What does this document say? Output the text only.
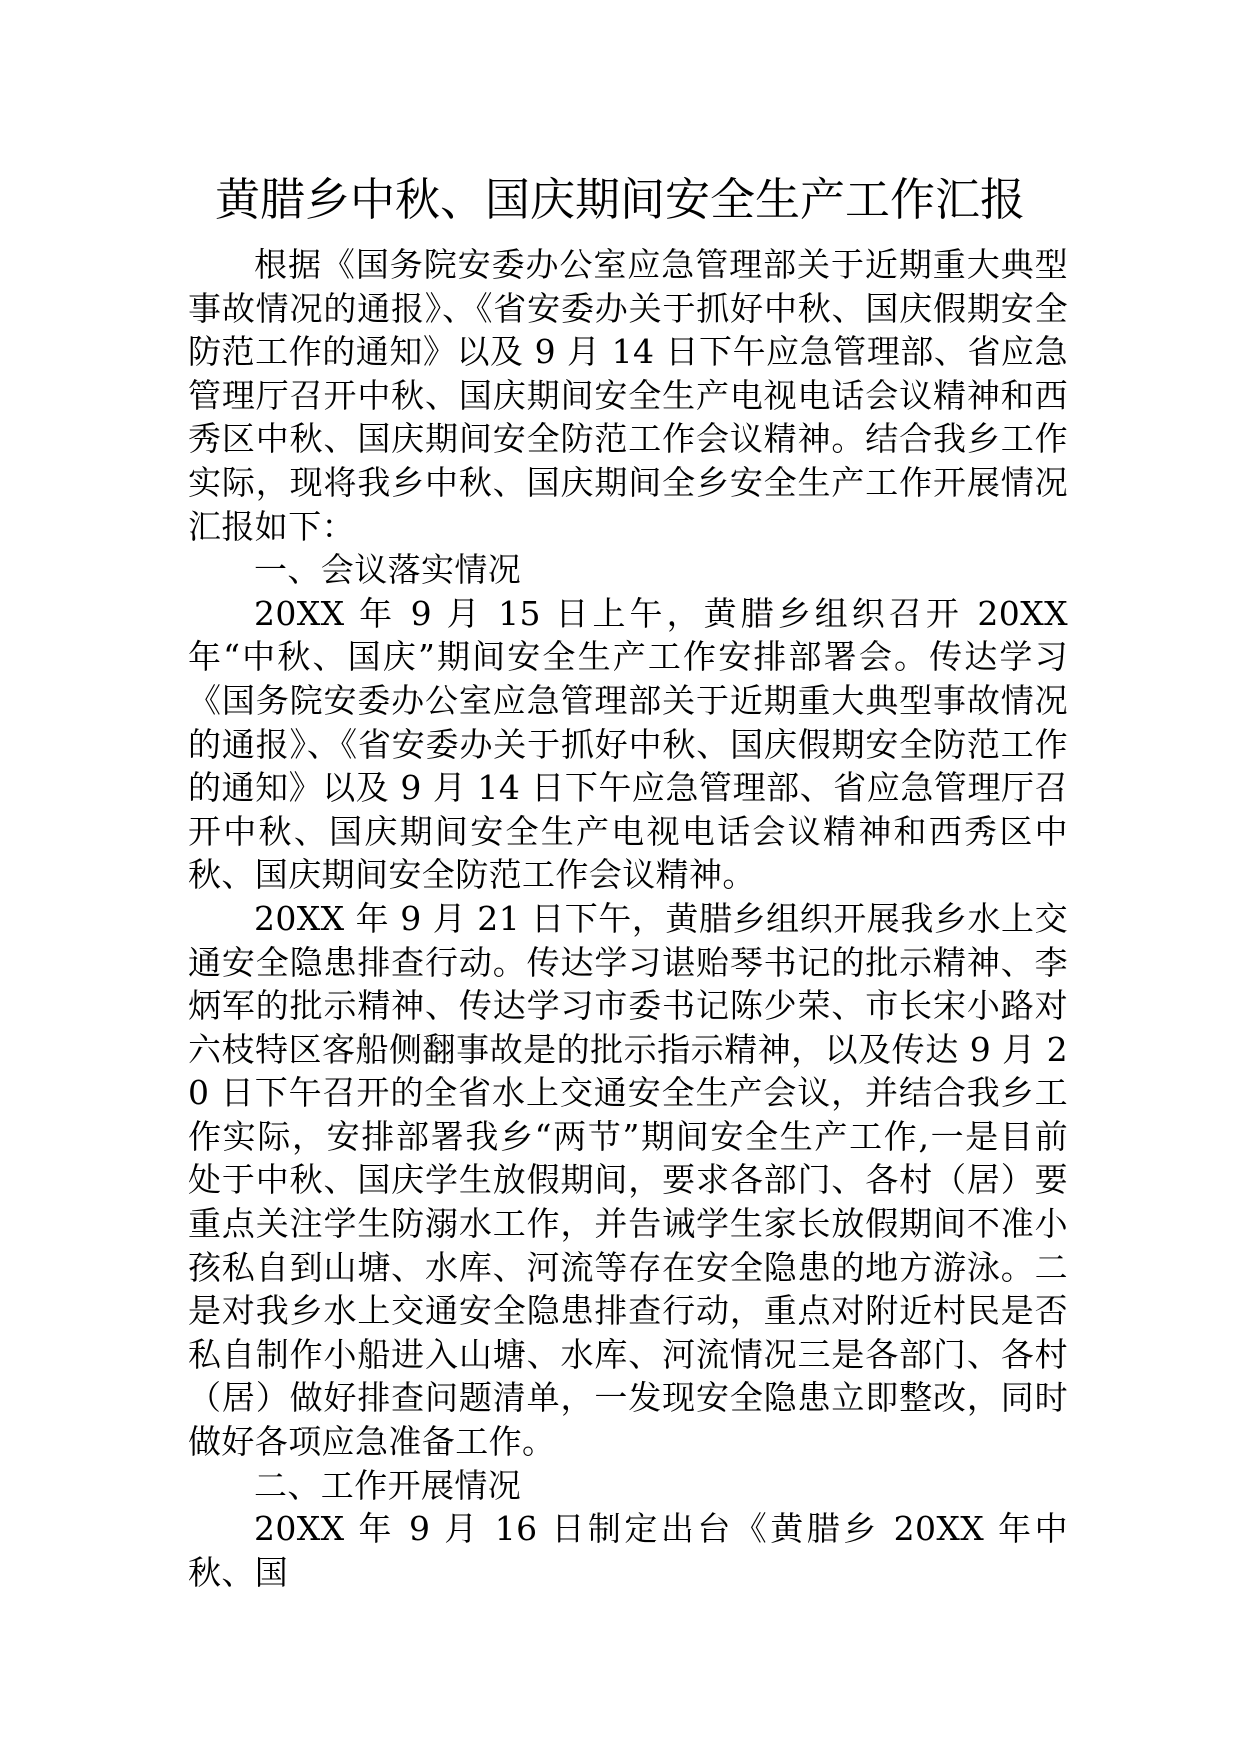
黄腊乡中秋、国庆期间安全生产工作汇报

根据《国务院安委办公室应急管理部关于近期重大典型事故情况的通报》、《省安委办关于抓好中秋、国庆假期安全防范工作的通知》以及 9 月 14 日下午应急管理部、省应急管理厅召开中秋、国庆期间安全生产电视电话会议精神和西秀区中秋、国庆期间安全防范工作会议精神。结合我乡工作实际，现将我乡中秋、国庆期间全乡安全生产工作开展情况汇报如下：

一、会议落实情况

20XX 年 9 月 15 日上午，黄腊乡组织召开 20XX 年“中秋、国庆”期间安全生产工作安排部署会。传达学习《国务院安委办公室应急管理部关于近期重大典型事故情况的通报》、《省安委办关于抓好中秋、国庆假期安全防范工作的通知》以及 9 月 14 日下午应急管理部、省应急管理厅召开中秋、国庆期间安全生产电视电话会议精神和西秀区中秋、国庆期间安全防范工作会议精神。

20XX 年 9 月 21 日下午，黄腊乡组织开展我乡水上交通安全隐患排查行动。传达学习谌贻琴书记的批示精神、李炳军的批示精神、传达学习市委书记陈少荣、市长宋小路对六枝特区客船侧翻事故是的批示指示精神，以及传达 9 月 20 日下午召开的全省水上交通安全生产会议，并结合我乡工作实际，安排部署我乡“两节”期间安全生产工作,一是目前处于中秋、国庆学生放假期间，要求各部门、各村（居）要重点关注学生防溺水工作，并告诫学生家长放假期间不准小孩私自到山塘、水库、河流等存在安全隐患的地方游泳。二是对我乡水上交通安全隐患排查行动，重点对附近村民是否私自制作小船进入山塘、水库、河流情况三是各部门、各村（居）做好排查问题清单，一发现安全隐患立即整改，同时做好各项应急准备工作。

二、工作开展情况

20XX 年 9 月 16 日制定出台《黄腊乡 20XX 年中秋、国
